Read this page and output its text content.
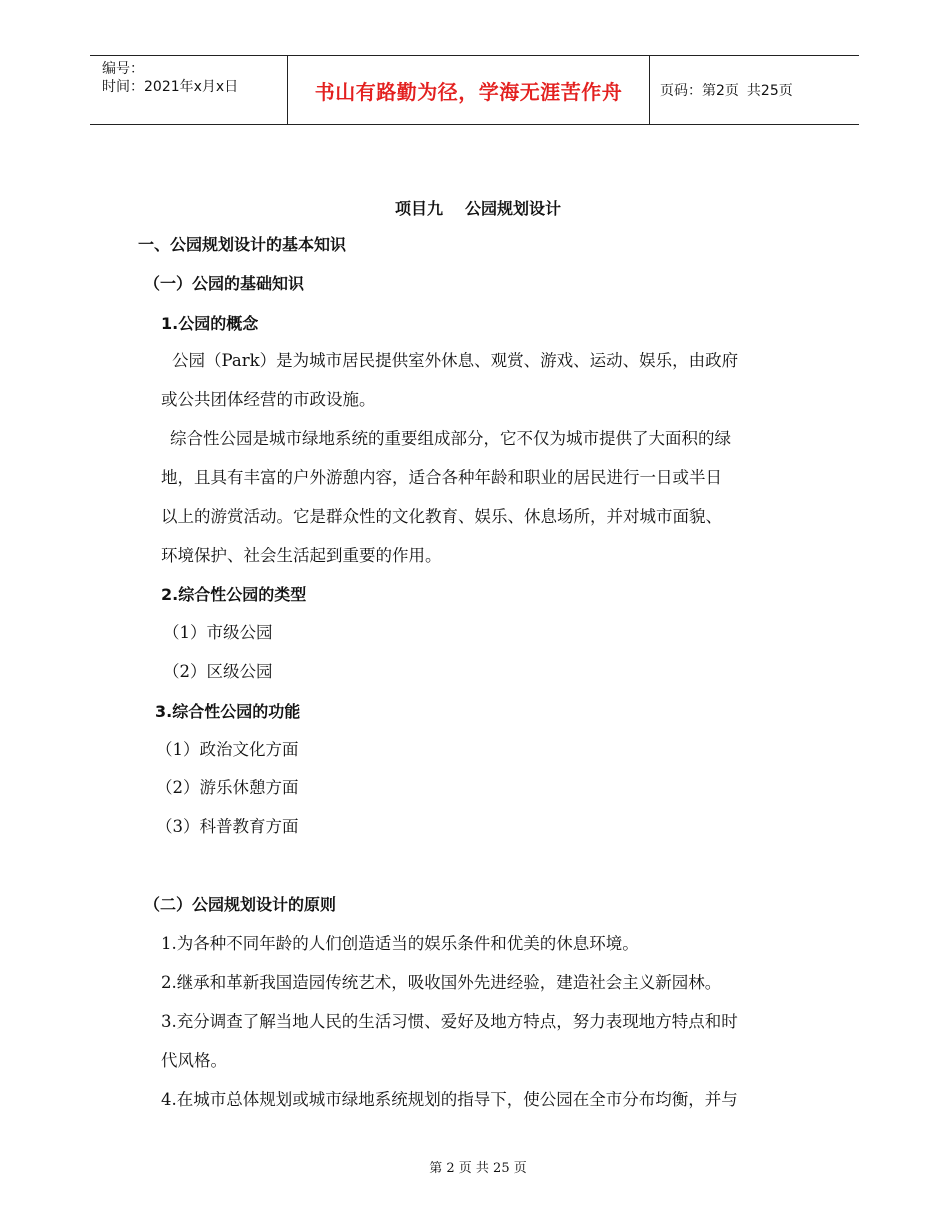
编号：
时间：2021年x月x日	书山有路勤为径，学海无涯苦作舟	页码：第2页 共25页
项目九 公园规划设计
一、公园规划设计的基本知识
（一）公园的基础知识
1.公园的概念
公园（Park）是为城市居民提供室外休息、观赏、游戏、运动、娱乐，由政府
或公共团体经营的市政设施。
综合性公园是城市绿地系统的重要组成部分，它不仅为城市提供了大面积的绿
地，且具有丰富的户外游憩内容，适合各种年龄和职业的居民进行一日或半日
以上的游赏活动。它是群众性的文化教育、娱乐、休息场所，并对城市面貌、
环境保护、社会生活起到重要的作用。
2.综合性公园的类型
（1）市级公园
（2）区级公园
3.综合性公园的功能
（1）政治文化方面
（2）游乐休憩方面
（3）科普教育方面
（二）公园规划设计的原则
1.为各种不同年龄的人们创造适当的娱乐条件和优美的休息环境。
2.继承和革新我国造园传统艺术，吸收国外先进经验，建造社会主义新园林。
3.充分调查了解当地人民的生活习惯、爱好及地方特点，努力表现地方特点和时
代风格。
4.在城市总体规划或城市绿地系统规划的指导下，使公园在全市分布均衡，并与
第 2 页 共 25 页
